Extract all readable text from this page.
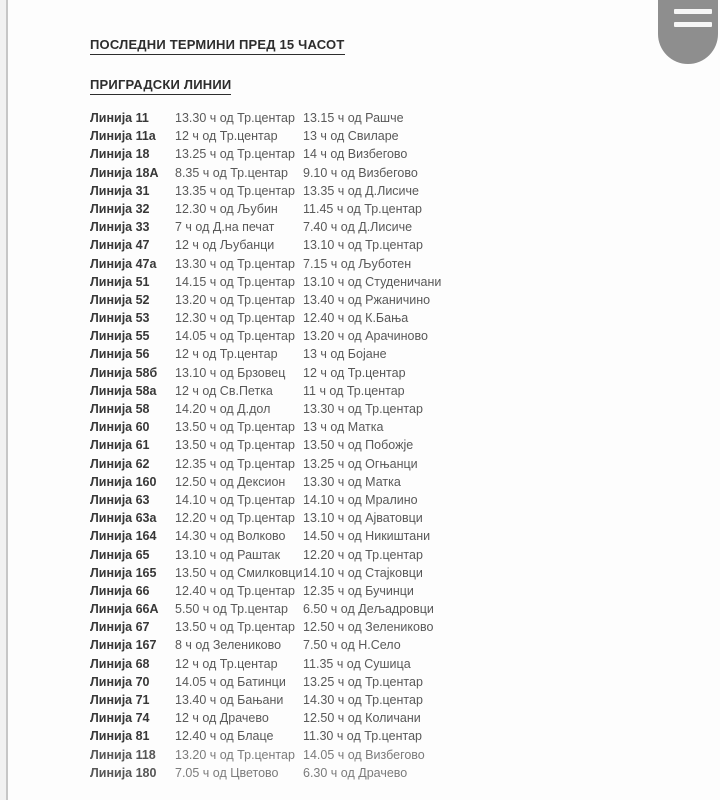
ПОСЛЕДНИ ТЕРМИНИ ПРЕД 15 ЧАСОТ
ПРИГРАДСКИ ЛИНИИ
Линија 11	13.30 ч од Тр.центар 13.15 ч од Рашче
Линија 11а	12 ч од Тр.центар	13 ч од Свиларе
Линија 18	13.25 ч од Тр.центар 14 ч од Визбегово
Линија 18А	8.35 ч од Тр.центар	9.10 ч од Визбегово
Линија 31	13.35 ч од Тр.центар 13.35 ч од Д.Лисиче
Линија 32	12.30 ч од Љубин	11.45 ч од Тр.центар
Линија 33	7 ч од Д.на печат	7.40 ч од Д.Лисиче
Линија 47	12 ч од Љубанци	13.10 ч од Тр.центар
Линија 47а	13.30 ч од Тр.центар 7.15 ч од Љуботен
Линија 51	14.15 ч од Тр.центар 13.10 ч од Студеничани
Линија 52	13.20 ч од Тр.центар 13.40 ч од Ржаничино
Линија 53	12.30 ч од Тр.центар 12.40 ч од К.Бања
Линија 55	14.05 ч од Тр.центар 13.20 ч од Арачиново
Линија 56	12 ч од Тр.центар	13 ч од Бојане
Линија 58б	13.10 ч од Брзовец	12 ч од Тр.центар
Линија 58а	12 ч од Св.Петка	11 ч од Тр.центар
Линија 58	14.20 ч од Д.дол	13.30 ч од Тр.центар
Линија 60	13.50 ч од Тр.центар 13 ч од Матка
Линија 61	13.50 ч од Тр.центар 13.50 ч од Побожје
Линија 62	12.35 ч од Тр.центар 13.25 ч од Огњанци
Линија 160	12.50 ч од Дексион	13.30 ч од Матка
Линија 63	14.10 ч од Тр.центар 14.10 ч од Мралино
Линија 63а	12.20 ч од Тр.центар 13.10 ч од Ајватовци
Линија 164	14.30 ч од Волково	14.50 ч од Никиштани
Линија 65	13.10 ч од Раштак	12.20 ч од Тр.центар
Линија 165	13.50 ч од Смилковци 14.10 ч од Стајковци
Линија 66	12.40 ч од Тр.центар 12.35 ч од Бучинци
Линија 66А	5.50 ч од Тр.центар	6.50 ч од Дељадровци
Линија 67	13.50 ч од Тр.центар 12.50 ч од Зелениково
Линија 167	8 ч од Зелениково	7.50 ч од Н.Село
Линија 68	12 ч од Тр.центар	11.35 ч од Сушица
Линија 70	14.05 ч од Батинци	13.25 ч од Тр.центар
Линија 71	13.40 ч од Бањани	14.30 ч од Тр.центар
Линија 74	12 ч од Драчево	12.50 ч од Количани
Линија 81	12.40 ч од Блаце	11.30 ч од Тр.центар
Линија 118	13.20 ч од Тр.центар 14.05 ч од Визбегово
Линија 180	7.05 ч од Цветово	6.30 ч од Драчево
